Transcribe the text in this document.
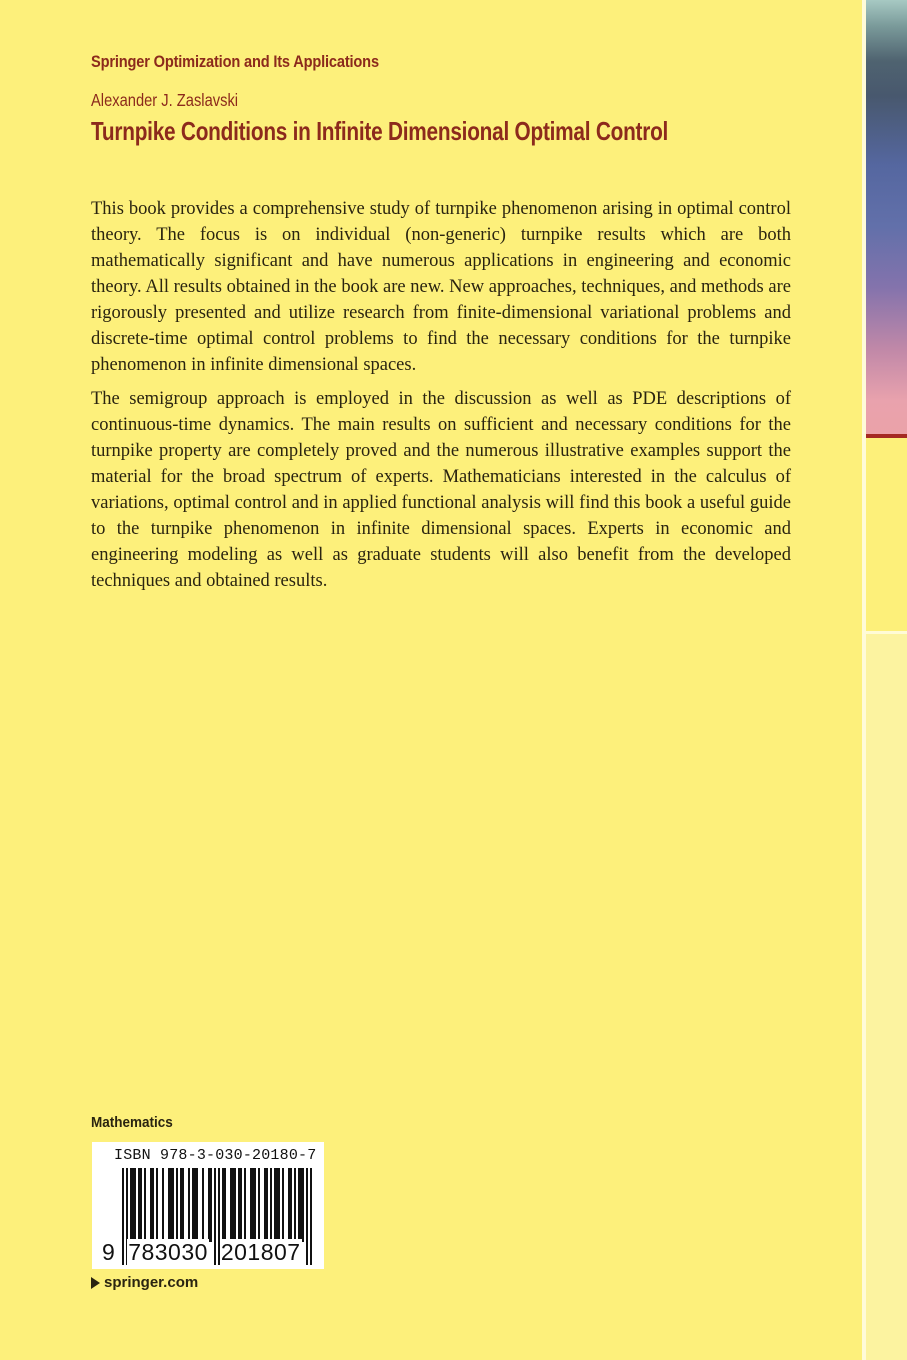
Springer Optimization and Its Applications
Alexander J. Zaslavski
Turnpike Conditions in Infinite Dimensional Optimal Control

This book provides a comprehensive study of turnpike phenomenon arising in optimal control theory. The focus is on individual (non-generic) turnpike results which are both mathematically significant and have numerous applications in engineering and economic theory. All results obtained in the book are new. New approaches, techniques, and methods are rigorously presented and utilize research from finite-dimensional variational problems and discrete-time optimal control problems to find the necessary conditions for the turnpike phenomenon in infinite dimensional spaces.

The semigroup approach is employed in the discussion as well as PDE descriptions of continuous-time dynamics. The main results on sufficient and necessary conditions for the turnpike property are completely proved and the numerous illustrative examples support the material for the broad spectrum of experts. Mathematicians interested in the calculus of variations, optimal control and in applied functional analysis will find this book a useful guide to the turnpike phenomenon in infinite dimensional spaces. Experts in economic and engineering modeling as well as graduate students will also benefit from the developed techniques and obtained results.

Mathematics
ISBN 978-3-030-20180-7
9 783030 201807
springer.com
